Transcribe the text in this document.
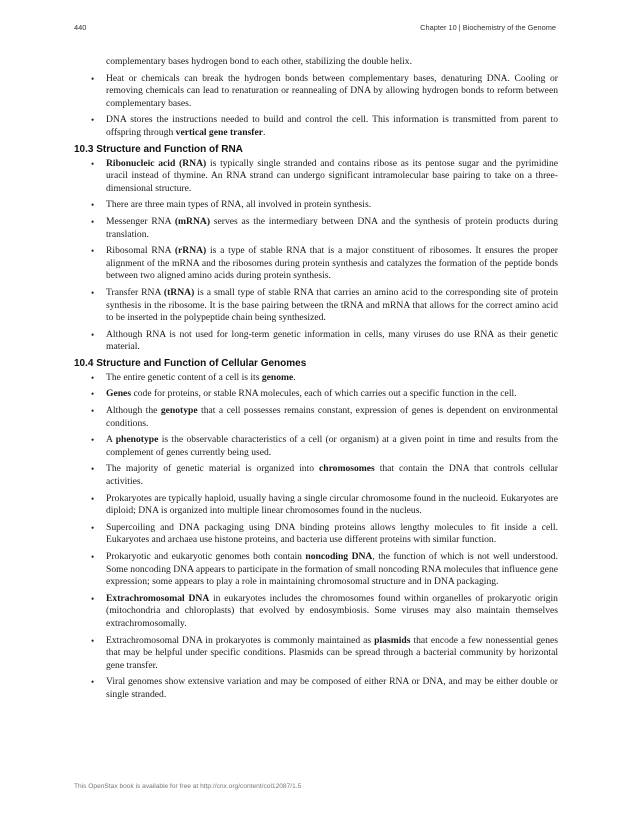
440	Chapter 10 | Biochemistry of the Genome
complementary bases hydrogen bond to each other, stabilizing the double helix.
• Heat or chemicals can break the hydrogen bonds between complementary bases, denaturing DNA. Cooling or removing chemicals can lead to renaturation or reannealing of DNA by allowing hydrogen bonds to reform between complementary bases.
• DNA stores the instructions needed to build and control the cell. This information is transmitted from parent to offspring through vertical gene transfer.
10.3 Structure and Function of RNA
• Ribonucleic acid (RNA) is typically single stranded and contains ribose as its pentose sugar and the pyrimidine uracil instead of thymine. An RNA strand can undergo significant intramolecular base pairing to take on a three-dimensional structure.
• There are three main types of RNA, all involved in protein synthesis.
• Messenger RNA (mRNA) serves as the intermediary between DNA and the synthesis of protein products during translation.
• Ribosomal RNA (rRNA) is a type of stable RNA that is a major constituent of ribosomes. It ensures the proper alignment of the mRNA and the ribosomes during protein synthesis and catalyzes the formation of the peptide bonds between two aligned amino acids during protein synthesis.
• Transfer RNA (tRNA) is a small type of stable RNA that carries an amino acid to the corresponding site of protein synthesis in the ribosome. It is the base pairing between the tRNA and mRNA that allows for the correct amino acid to be inserted in the polypeptide chain being synthesized.
• Although RNA is not used for long-term genetic information in cells, many viruses do use RNA as their genetic material.
10.4 Structure and Function of Cellular Genomes
• The entire genetic content of a cell is its genome.
• Genes code for proteins, or stable RNA molecules, each of which carries out a specific function in the cell.
• Although the genotype that a cell possesses remains constant, expression of genes is dependent on environmental conditions.
• A phenotype is the observable characteristics of a cell (or organism) at a given point in time and results from the complement of genes currently being used.
• The majority of genetic material is organized into chromosomes that contain the DNA that controls cellular activities.
• Prokaryotes are typically haploid, usually having a single circular chromosome found in the nucleoid. Eukaryotes are diploid; DNA is organized into multiple linear chromosomes found in the nucleus.
• Supercoiling and DNA packaging using DNA binding proteins allows lengthy molecules to fit inside a cell. Eukaryotes and archaea use histone proteins, and bacteria use different proteins with similar function.
• Prokaryotic and eukaryotic genomes both contain noncoding DNA, the function of which is not well understood. Some noncoding DNA appears to participate in the formation of small noncoding RNA molecules that influence gene expression; some appears to play a role in maintaining chromosomal structure and in DNA packaging.
• Extrachromosomal DNA in eukaryotes includes the chromosomes found within organelles of prokaryotic origin (mitochondria and chloroplasts) that evolved by endosymbiosis. Some viruses may also maintain themselves extrachromosomally.
• Extrachromosomal DNA in prokaryotes is commonly maintained as plasmids that encode a few nonessential genes that may be helpful under specific conditions. Plasmids can be spread through a bacterial community by horizontal gene transfer.
• Viral genomes show extensive variation and may be composed of either RNA or DNA, and may be either double or single stranded.
This OpenStax book is available for free at http://cnx.org/content/col12087/1.5
